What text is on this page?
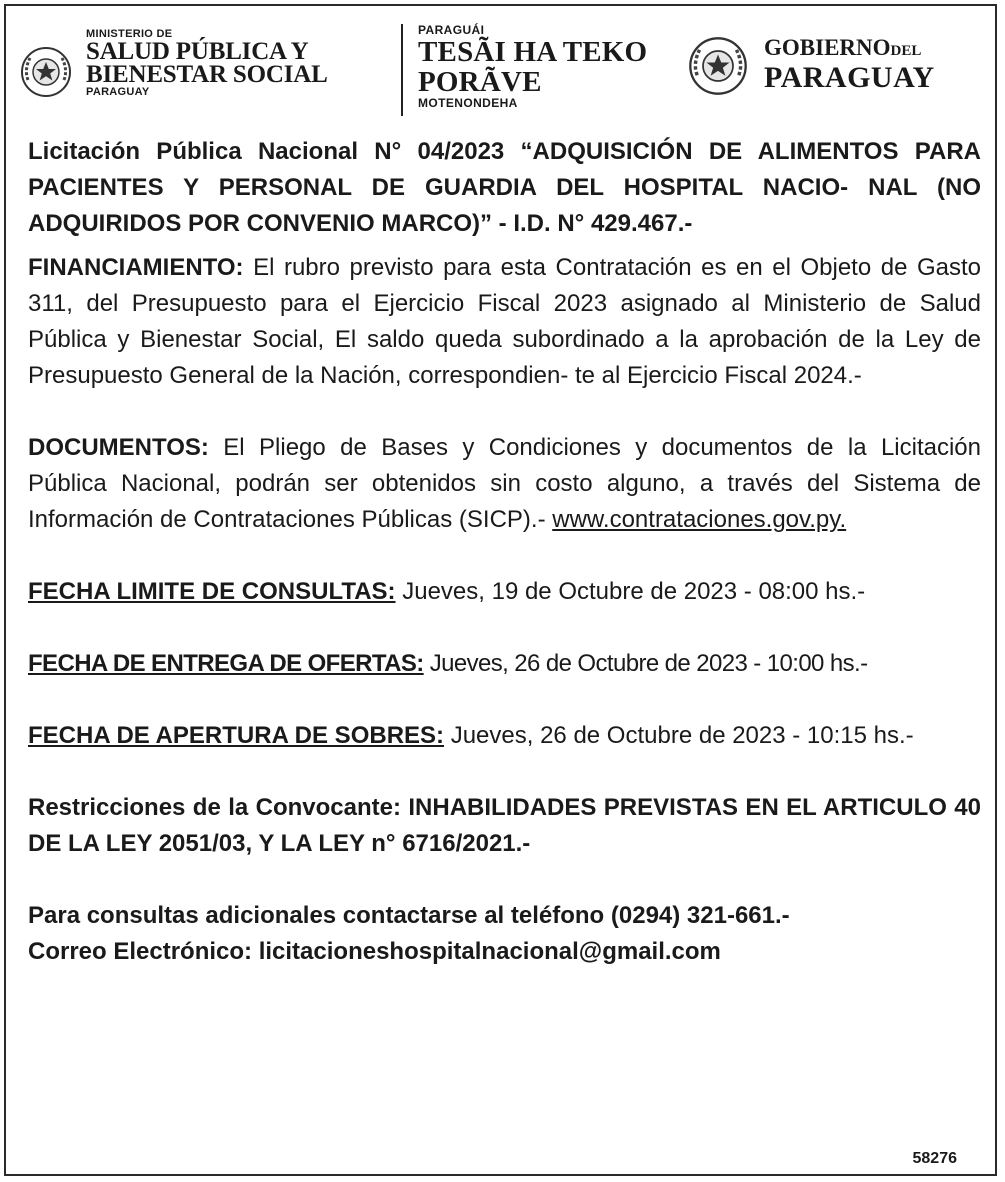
MINISTERIO DE
SALUD PÚBLICA Y
BIENESTAR SOCIAL
PARAGUAY
PARAGUÁI
TESÃI HA TEKO
PORÃVE
MOTENONDEHA
GOBIERNODEL
PARAGUAY

Licitación Pública Nacional N° 04/2023 “ADQUISICIÓN DE ALIMENTOS PARA PACIENTES Y PERSONAL DE GUARDIA DEL HOSPITAL NACIO- NAL (NO ADQUIRIDOS POR CONVENIO MARCO)” - I.D. N° 429.467.-

FINANCIAMIENTO: El rubro previsto para esta Contratación es en el Objeto de Gasto 311, del Presupuesto para el Ejercicio Fiscal 2023 asignado al Ministerio de Salud Pública y Bienestar Social, El saldo queda subordinado a la aprobación de la Ley de Presupuesto General de la Nación, correspondien- te al Ejercicio Fiscal 2024.-

DOCUMENTOS: El Pliego de Bases y Condiciones y documentos de la Licitación Pública Nacional, podrán ser obtenidos sin costo alguno, a través del Sistema de Información de Contrataciones Públicas (SICP).- www.contrataciones.gov.py.

FECHA LIMITE DE CONSULTAS: Jueves, 19 de Octubre de 2023 - 08:00 hs.-

FECHA DE ENTREGA DE OFERTAS: Jueves, 26 de Octubre de 2023 - 10:00 hs.-

FECHA DE APERTURA DE SOBRES: Jueves, 26 de Octubre de 2023 - 10:15 hs.-

Restricciones de la Convocante: INHABILIDADES PREVISTAS EN EL ARTICULO 40 DE LA LEY 2051/03, Y LA LEY n° 6716/2021.-

Para consultas adicionales contactarse al teléfono (0294) 321-661.-

Correo Electrónico: licitacioneshospitalnacional@gmail.com

58276
